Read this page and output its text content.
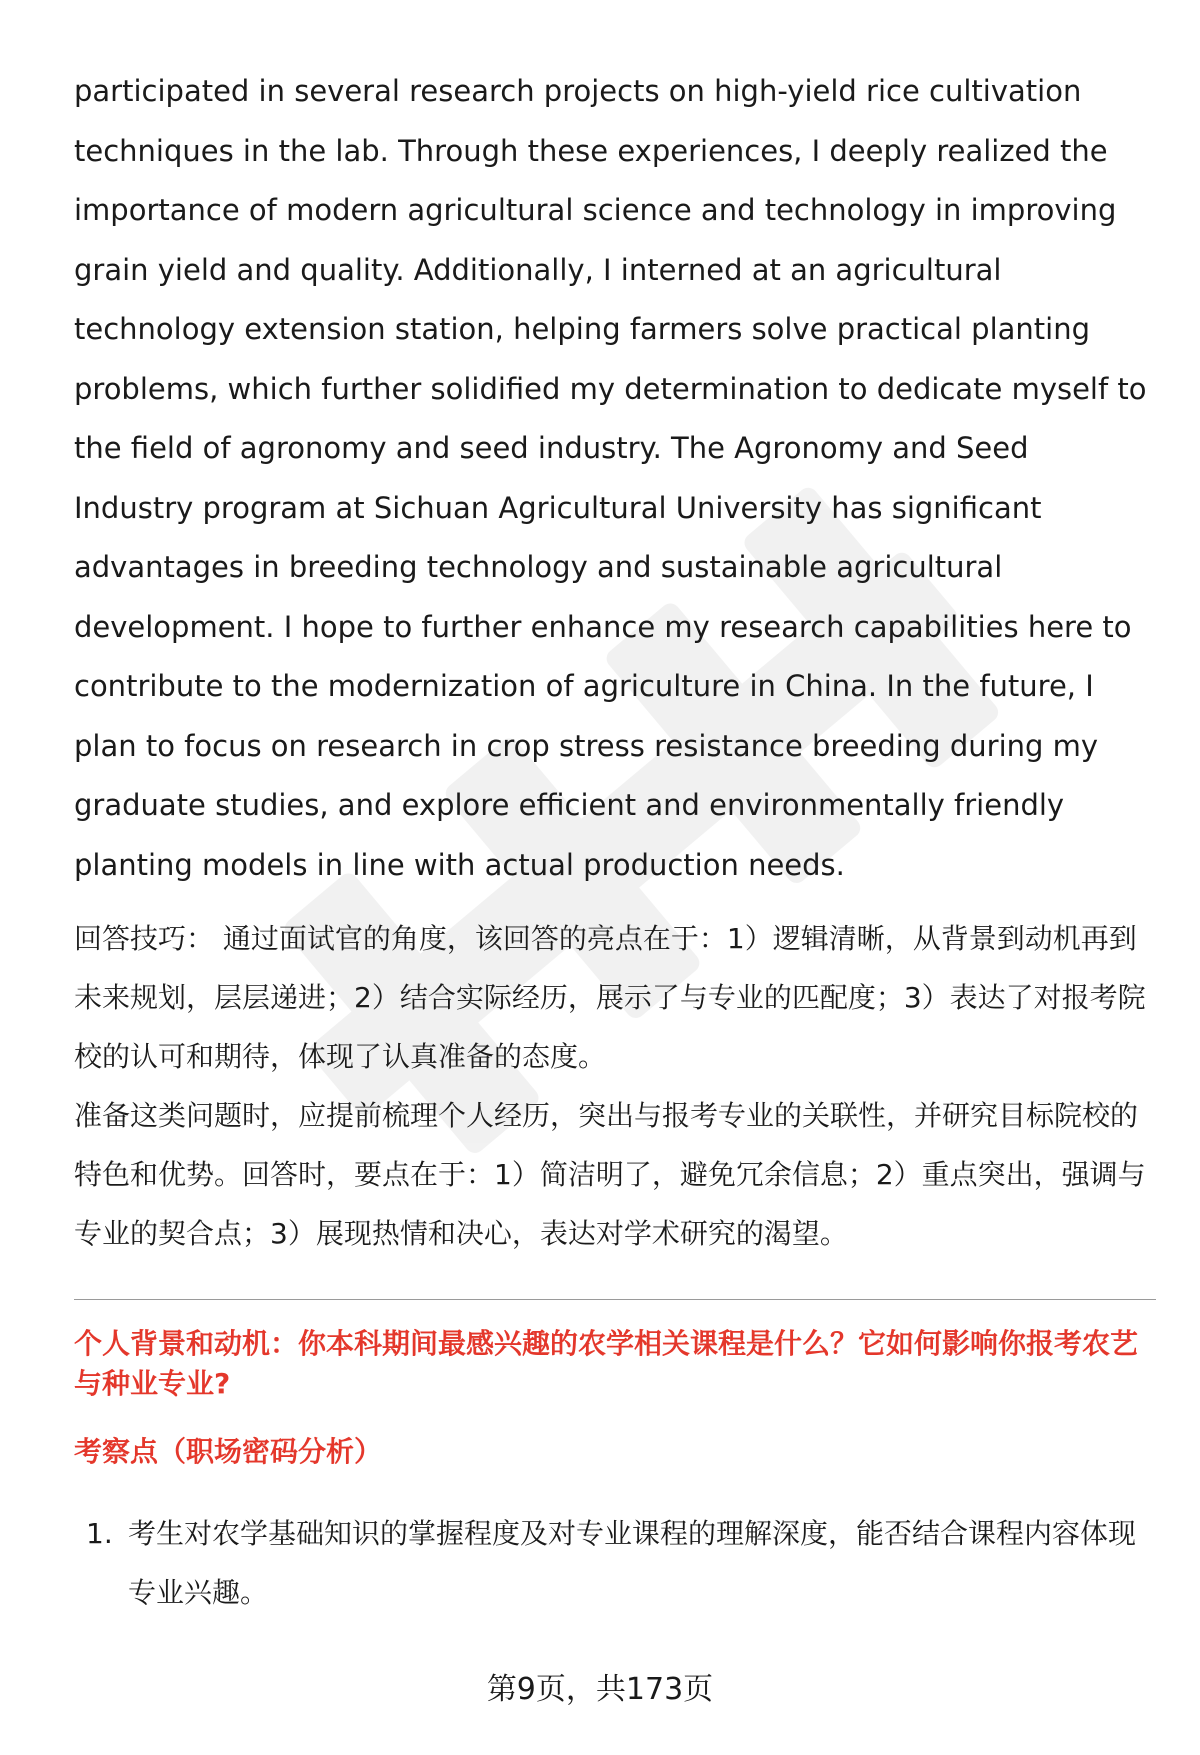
participated in several research projects on high-yield rice cultivation techniques in the lab. Through these experiences, I deeply realized the importance of modern agricultural science and technology in improving grain yield and quality. Additionally, I interned at an agricultural technology extension station, helping farmers solve practical planting problems, which further solidified my determination to dedicate myself to the field of agronomy and seed industry. The Agronomy and Seed Industry program at Sichuan Agricultural University has significant advantages in breeding technology and sustainable agricultural development. I hope to further enhance my research capabilities here to contribute to the modernization of agriculture in China. In the future, I plan to focus on research in crop stress resistance breeding during my graduate studies, and explore efficient and environmentally friendly planting models in line with actual production needs.

回答技巧： 通过面试官的角度，该回答的亮点在于：1）逻辑清晰，从背景到动机再到未来规划，层层递进；2）结合实际经历，展示了与专业的匹配度；3）表达了对报考院校的认可和期待，体现了认真准备的态度。

准备这类问题时，应提前梳理个人经历，突出与报考专业的关联性，并研究目标院校的特色和优势。回答时，要点在于：1）简洁明了，避免冗余信息；2）重点突出，强调与专业的契合点；3）展现热情和决心，表达对学术研究的渴望。

个人背景和动机：你本科期间最感兴趣的农学相关课程是什么？它如何影响你报考农艺与种业专业?
考察点（职场密码分析）
1. 考生对农学基础知识的掌握程度及对专业课程的理解深度，能否结合课程内容体现专业兴趣。
第9页，共173页
